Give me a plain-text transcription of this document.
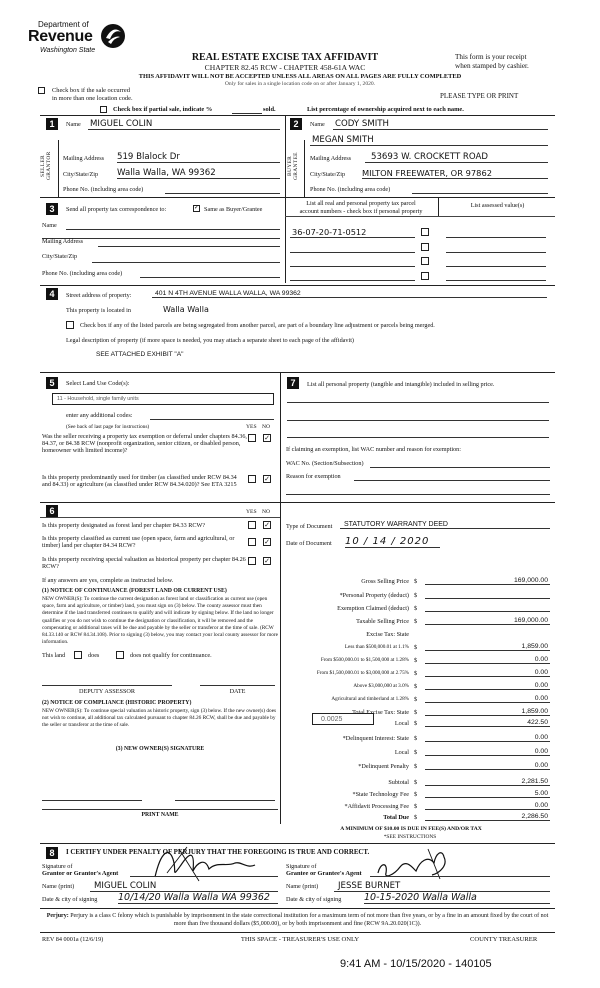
Department of
Revenue
Washington State
REAL ESTATE EXCISE TAX AFFIDAVIT
CHAPTER 82.45 RCW - CHAPTER 458-61A WAC
This form is your receipt
when stamped by cashier.
THIS AFFIDAVIT WILL NOT BE ACCEPTED UNLESS ALL AREAS ON ALL PAGES ARE FULLY COMPLETED
Only for sales in a single location code on or after January 1, 2020.
Check box if the sale occurred
in more than one location code.	PLEASE TYPE OR PRINT
Check box if partial sale, indicate %	sold.	List percentage of ownership acquired next to each name.
1	Name MIGUEL COLIN
SELLER GRANTOR	Mailing Address 519 Blalock Dr
City/State/Zip Walla Walla, WA 99362
Phone No. (including area code)
2	Name CODY SMITH
MEGAN SMITH
BUYER GRANTEE	Mailing Address	53693 W. CROCKETT ROAD
City/State/Zip MILTON FREEWATER, OR 97862
Phone No. (including area code)
3	Send all property tax correspondence to:	✓ Same as Buyer/Grantee
List all real and personal property tax parcel
account numbers - check box if personal property
List assessed value(s)
Name
Mailing Address
City/State/Zip
Phone No. (including area code)
36-07-20-71-0512
4	Street address of property:	401 N 4TH AVENUE WALLA WALLA, WA 99362
This property is located in	Walla Walla
Check box if any of the listed parcels are being segregated from another parcel, are part of a boundary line adjustment or parcels being merged.
Legal description of property (if more space is needed, you may attach a separate sheet to each page of the affidavit)
SEE ATTACHED EXHIBIT "A"
5	Select Land Use Code(s):
11 - Household, single family units
enter any additional codes:
(See back of last page for instructions)	YES NO
Was the seller receiving a property tax exemption or deferral under chapters 84.36, 84.37, or 84.38 RCW (nonprofit organization, senior citizen, or disabled person, homeowner with limited income)?
✓
Is this property predominantly used for timber (as classified under RCW 84.34 and 84.33) or agriculture (as classified under RCW 84.34.020)? See ETA 3215
✓
7	List all personal property (tangible and intangible) included in selling price.
If claiming an exemption, list WAC number and reason for exemption:
WAC No. (Section/Subsection)
Reason for exemption
6	YES NO
Is this property designated as forest land per chapter 84.33 RCW?	✓
Is this property classified as current use (open space, farm and agricultural, or timber) land per chapter 84.34 RCW?	✓
Is this property receiving special valuation as historical property per chapter 84.26 RCW?
✓
If any answers are yes, complete as instructed below.
(1) NOTICE OF CONTINUANCE (FOREST LAND OR CURRENT USE)
NEW OWNER(S): To continue the current designation as forest land or classification as current use (open space, farm and agriculture, or timber) land, you must sign on (3) below. The county assessor must then determine if the land transferred continues to qualify and will indicate by signing below. If the land no longer qualifies or you do not wish to continue the designation or classification, it will be removed and the compensating or additional taxes will be due and payable by the seller or transferor at the time of sale. (RCW 84.33.140 or RCW 84.34.108). Prior to signing (3) below, you may contact your local county assessor for more information.
This land	does	does not qualify for continuance.
DEPUTY ASSESSOR	DATE
(2) NOTICE OF COMPLIANCE (HISTORIC PROPERTY)
NEW OWNER(S): To continue special valuation as historic property, sign (3) below. If the new owner(s) does not wish to continue, all additional tax calculated pursuant to chapter 84.26 RCW, shall be due and payable by the seller or transferor at the time of sale.
(3) NEW OWNER(S) SIGNATURE
PRINT NAME
Type of Document	STATUTORY WARRANTY DEED
Date of Document 10 / 14 / 2020
Gross Selling Price $	169,000.00
*Personal Property (deduct) $
Exemption Claimed (deduct) $
Taxable Selling Price $	169,000.00
Excise Tax: State
Less than $500,000.01 at 1.1% $	1,859.00
From $500,000.01 to $1,500,000 at 1.28% $	0.00
From $1,500,000.01 to $3,000,000 at 2.75% $	0.00
Above $3,000,000 at 3.0% $	0.00
Agricultural and timberland at 1.28% $	0.00
Total Excise Tax: State $	1,859.00
Local $	422.50
*Delinquent Interest: State $	0.00
Local $	0.00
*Delinquent Penalty $	0.00
Subtotal $	2,281.50
*State Technology Fee $	5.00
*Affidavit Processing Fee $	0.00
Total Due $	2,286.50
0.0025
A MINIMUM OF $10.00 IS DUE IN FEE(S) AND/OR TAX
*SEE INSTRUCTIONS
8	I CERTIFY UNDER PENALTY OF PERJURY THAT THE FOREGOING IS TRUE AND CORRECT.
Signature of
Grantor or Grantor's Agent
Name (print)	MIGUEL COLIN
Date & city of signing 10/14/20 Walla Walla WA 99362
Signature of
Grantee or Grantee's Agent
Name (print)	JESSE BURNET
Date & city of signing 10-15-2020 Walla Walla
Perjury: Perjury is a class C felony which is punishable by imprisonment in the state correctional institution for a maximum term of not more than five years, or by a fine in an amount fixed by the court of not more than five thousand dollars ($5,000.00), or by both imprisonment and fine (RCW 9A.20.020(1C)).
REV 84 0001a (12/6/19)	THIS SPACE - TREASURER'S USE ONLY	COUNTY TREASURER
9:41 AM - 10/15/2020 - 140105
